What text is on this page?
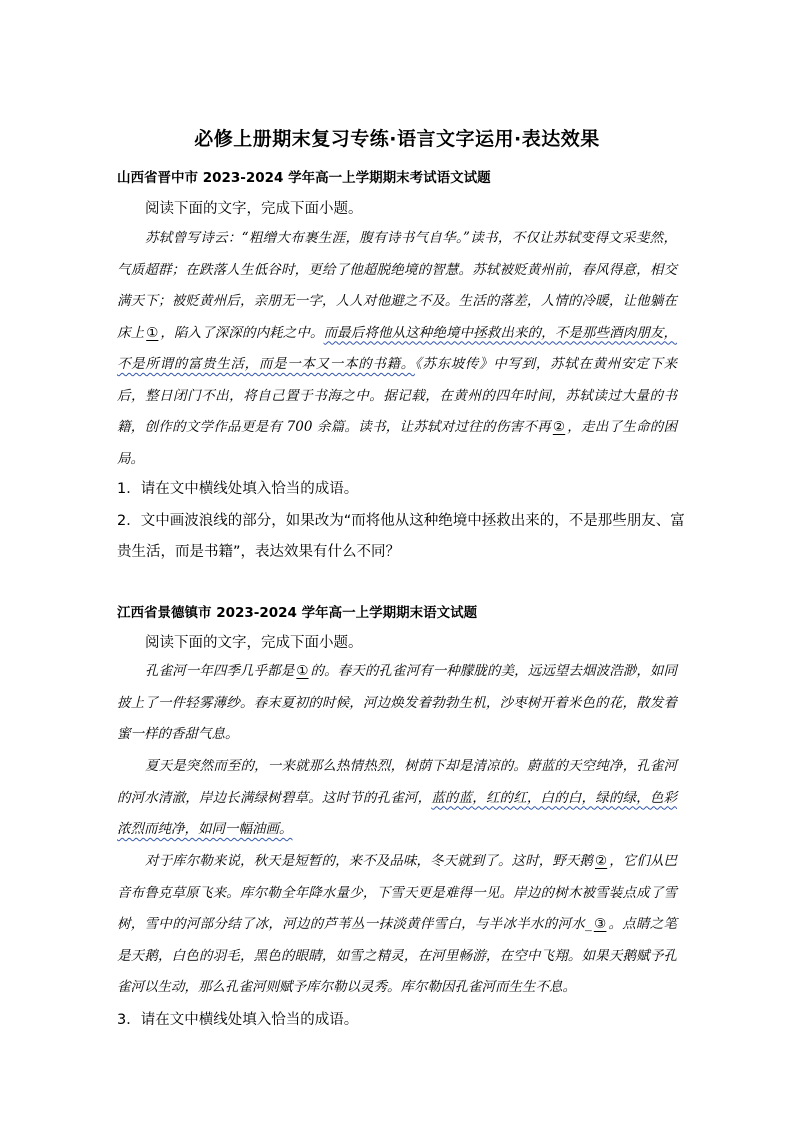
必修上册期末复习专练·语言文字运用·表达效果
山西省晋中市 2023-2024 学年高一上学期期末考试语文试题
阅读下面的文字，完成下面小题。
苏轼曾写诗云：“粗缯大布裹生涯，腹有诗书气自华。”读书，不仅让苏轼变得文采斐然，气质超群；在跌落人生低谷时，更给了他超脱绝境的智慧。苏轼被贬黄州前，春风得意，相交满天下；被贬黄州后，亲朋无一字，人人对他避之不及。生活的落差，人情的冷暖，让他躺在床上 ① ，陷入了深深的内耗之中。而最后将他从这种绝境中拯救出来的，不是那些酒肉朋友，不是所谓的富贵生活，而是一本又一本的书籍。《苏东坡传》中写到，苏轼在黄州安定下来后，整日闭门不出，将自己置于书海之中。据记载，在黄州的四年时间，苏轼读过大量的书籍，创作的文学作品更是有 700 余篇。读书，让苏轼对过往的伤害不再 ② ，走出了生命的困局。
1．请在文中横线处填入恰当的成语。
2．文中画波浪线的部分，如果改为“而将他从这种绝境中拯救出来的，不是那些朋友、富贵生活，而是书籍”，表达效果有什么不同？
江西省景德镇市 2023-2024 学年高一上学期期末语文试题
阅读下面的文字，完成下面小题。
孔雀河一年四季几乎都是 ① 的。春天的孔雀河有一种朦胧的美，远远望去烟波浩渺，如同披上了一件轻雾薄纱。春末夏初的时候，河边焕发着勃勃生机，沙枣树开着米色的花，散发着蜜一样的香甜气息。
夏天是突然而至的，一来就那么热情热烈，树荫下却是清凉的。蔚蓝的天空纯净，孔雀河的河水清澈，岸边长满绿树碧草。这时节的孔雀河，蓝的蓝，红的红，白的白，绿的绿，色彩浓烈而纯净，如同一幅油画。
对于库尔勒来说，秋天是短暂的，来不及品味，冬天就到了。这时，野天鹅 ② ，它们从巴音布鲁克草原飞来。库尔勒全年降水量少，下雪天更是难得一见。岸边的树木被雪装点成了雪树，雪中的河部分结了冰，河边的芦苇丛一抹淡黄伴雪白，与半冰半水的河水_ ③ 。点睛之笔是天鹅，白色的羽毛，黑色的眼睛，如雪之精灵，在河里畅游，在空中飞翔。如果天鹅赋予孔雀河以生动，那么孔雀河则赋予库尔勒以灵秀。库尔勒因孔雀河而生生不息。
3．请在文中横线处填入恰当的成语。
